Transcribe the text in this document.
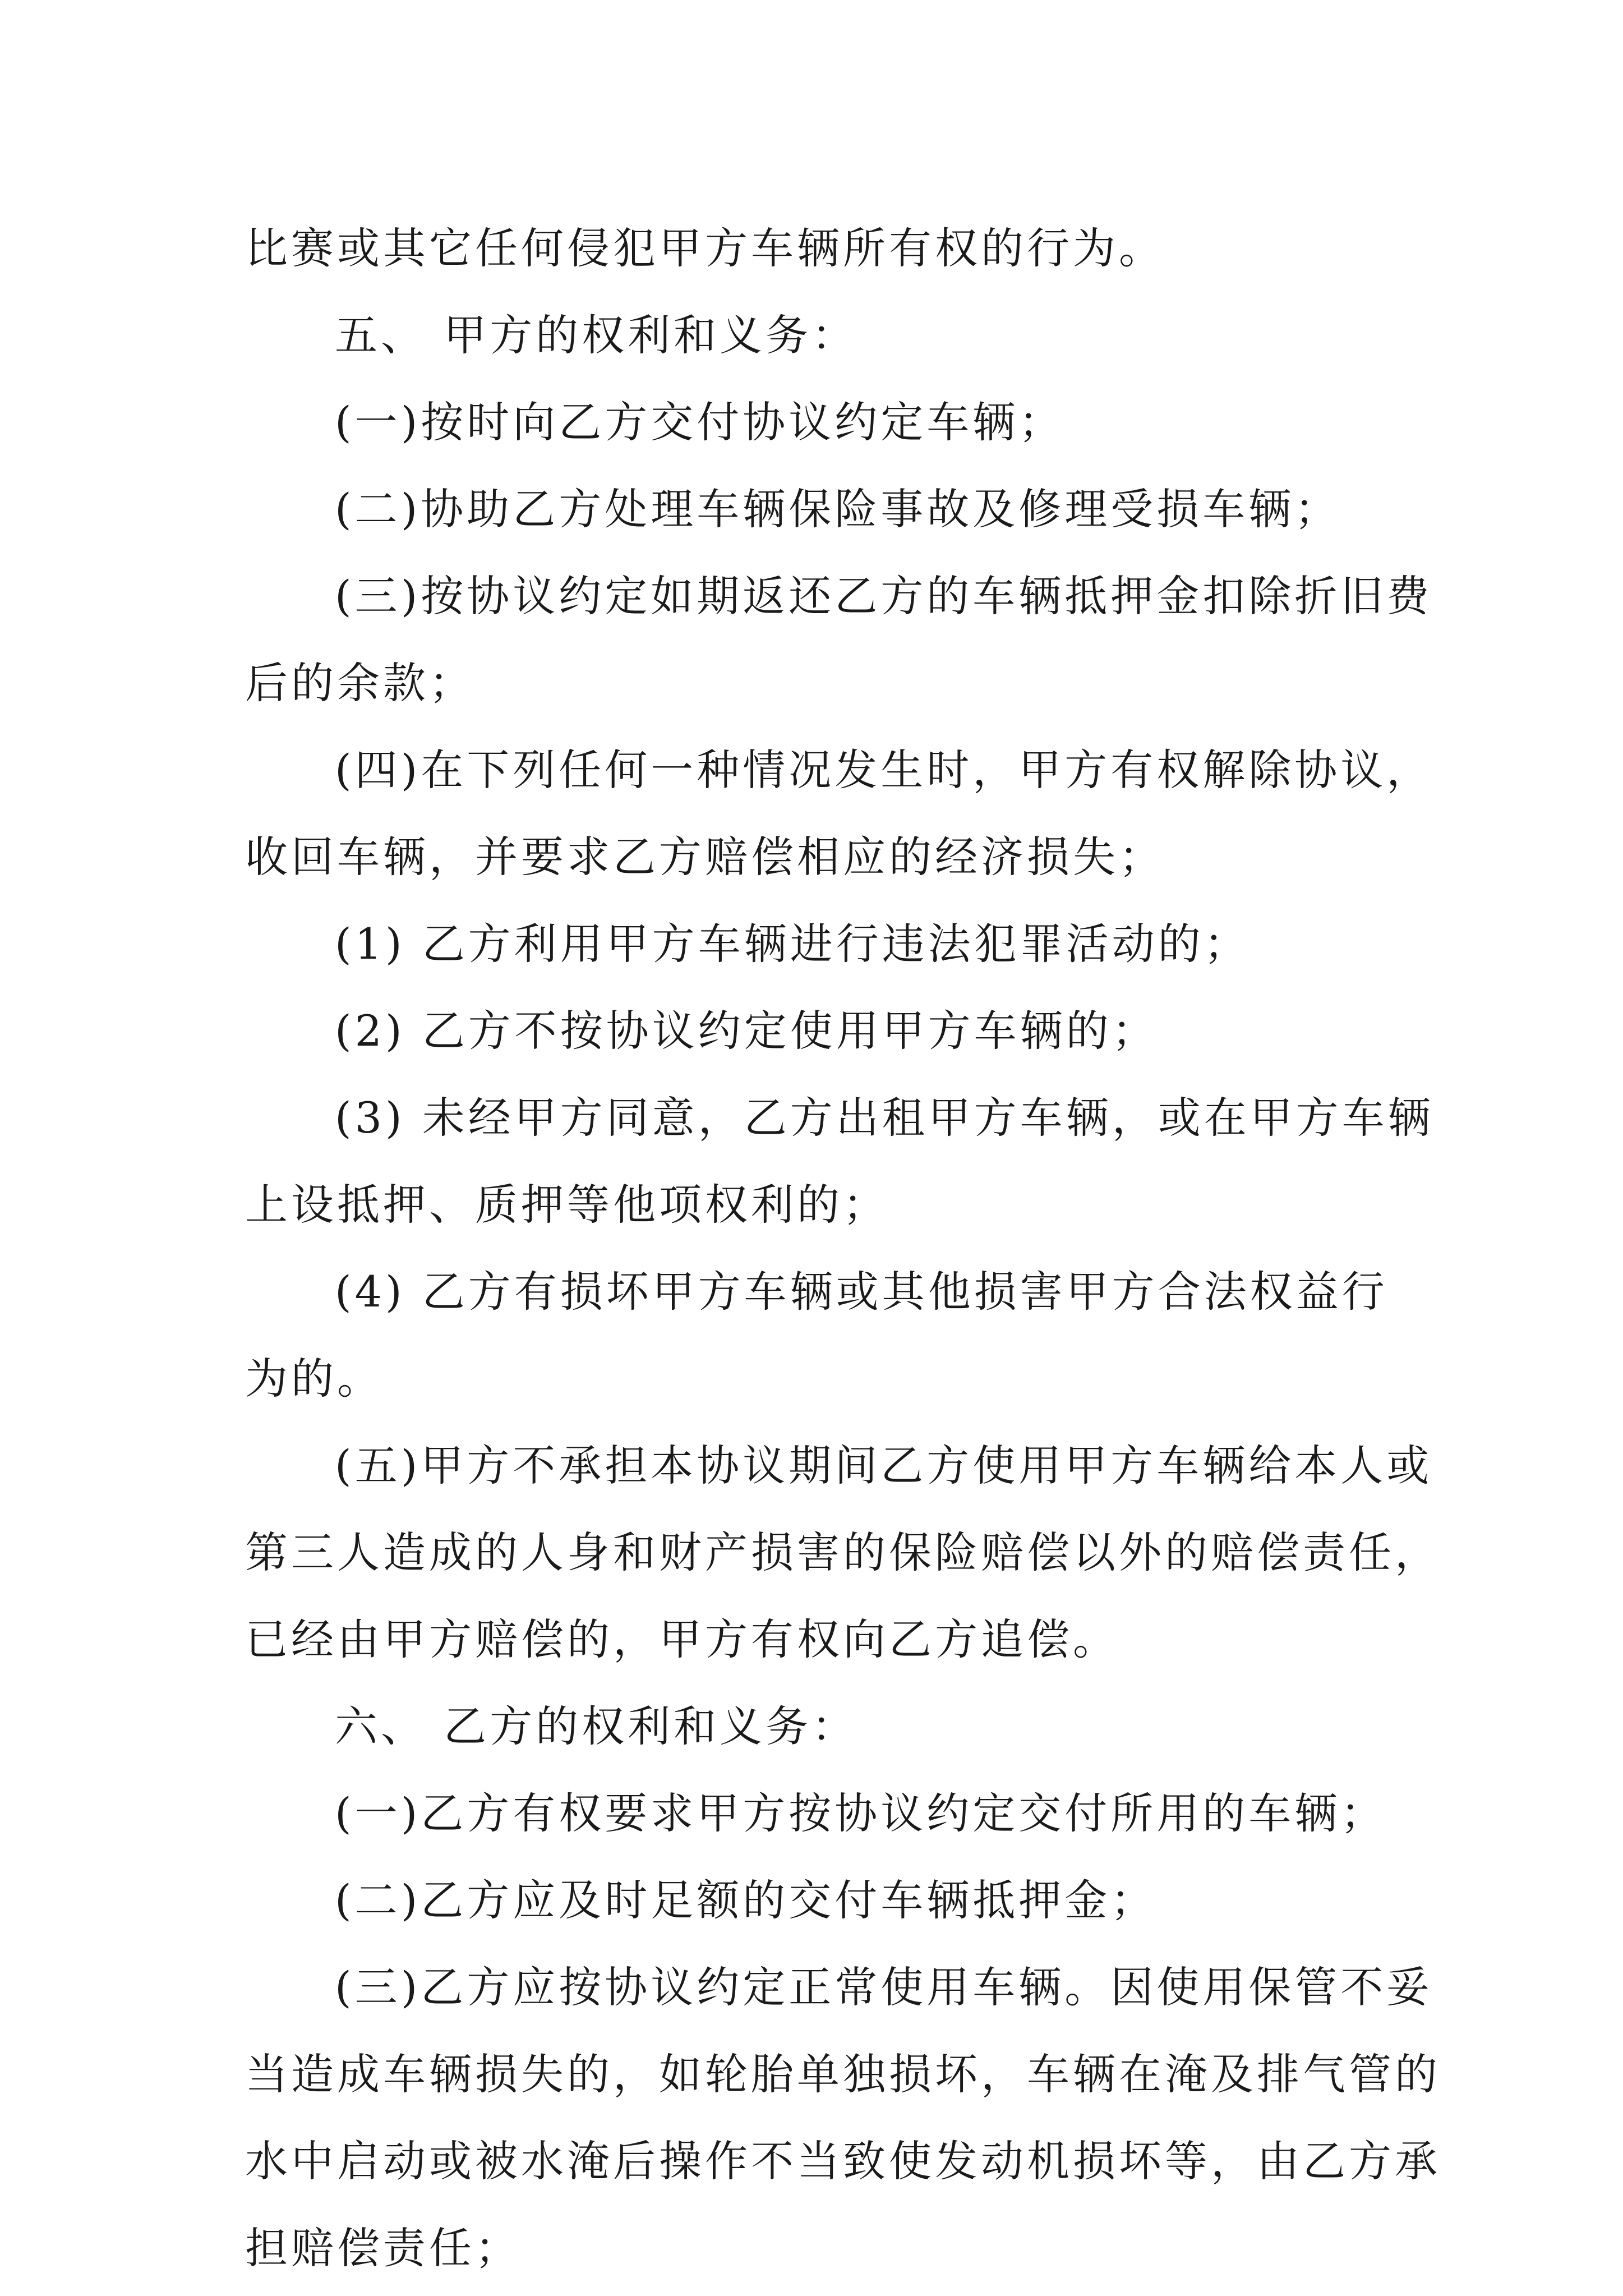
比赛或其它任何侵犯甲方车辆所有权的行为。
五、 甲方的权利和义务：
(一)按时向乙方交付协议约定车辆；
(二)协助乙方处理车辆保险事故及修理受损车辆；
(三)按协议约定如期返还乙方的车辆抵押金扣除折旧费
后的余款；
(四)在下列任何一种情况发生时，甲方有权解除协议，
收回车辆，并要求乙方赔偿相应的经济损失；
(1) 乙方利用甲方车辆进行违法犯罪活动的；
(2) 乙方不按协议约定使用甲方车辆的；
(3) 未经甲方同意，乙方出租甲方车辆，或在甲方车辆
上设抵押、质押等他项权利的；
(4) 乙方有损坏甲方车辆或其他损害甲方合法权益行
为的。
(五)甲方不承担本协议期间乙方使用甲方车辆给本人或
第三人造成的人身和财产损害的保险赔偿以外的赔偿责任，
已经由甲方赔偿的，甲方有权向乙方追偿。
六、 乙方的权利和义务：
(一)乙方有权要求甲方按协议约定交付所用的车辆；
(二)乙方应及时足额的交付车辆抵押金；
(三)乙方应按协议约定正常使用车辆。因使用保管不妥
当造成车辆损失的，如轮胎单独损坏，车辆在淹及排气管的
水中启动或被水淹后操作不当致使发动机损坏等，由乙方承
担赔偿责任；
